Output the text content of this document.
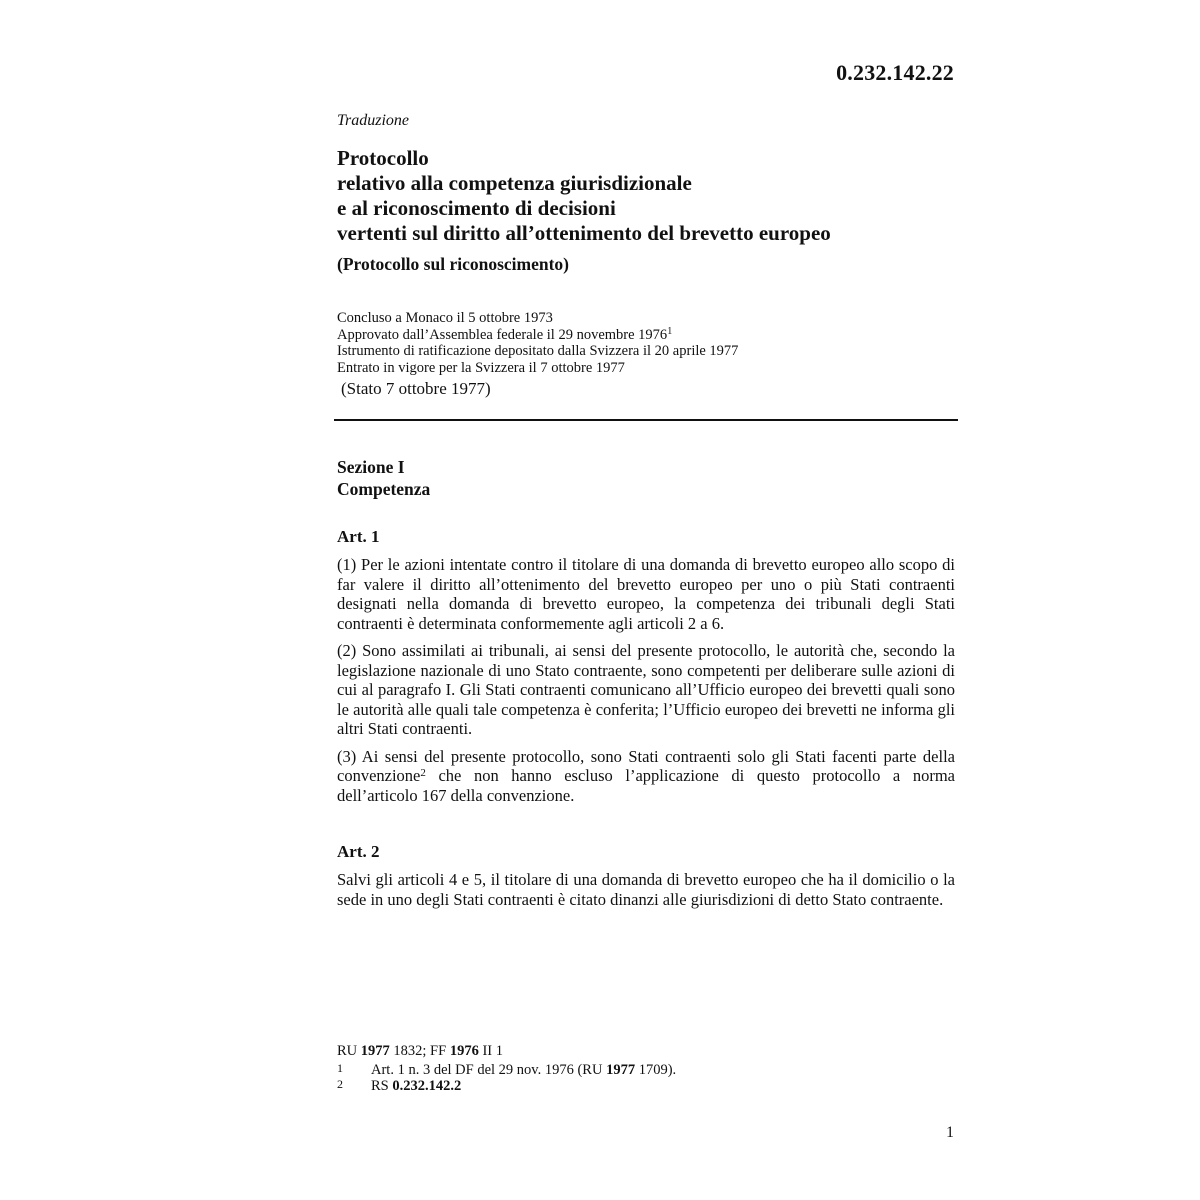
0.232.142.22
Traduzione
Protocollo
relativo alla competenza giurisdizionale
e al riconoscimento di decisioni
vertenti sul diritto all’ottenimento del brevetto europeo
(Protocollo sul riconoscimento)
Concluso a Monaco il 5 ottobre 1973
Approvato dall’Assemblea federale il 29 novembre 1976$^1$
Istrumento di ratificazione depositato dalla Svizzera il 20 aprile 1977
Entrato in vigore per la Svizzera il 7 ottobre 1977
(Stato 7 ottobre 1977)
Sezione I
Competenza
Art. 1

(1) Per le azioni intentate contro il titolare di una domanda di brevetto europeo allo scopo di far valere il diritto all’ottenimento del brevetto europeo per uno o più Stati contraenti designati nella domanda di brevetto europeo, la competenza dei tribunali degli Stati contraenti è determinata conformemente agli articoli 2 a 6.

(2) Sono assimilati ai tribunali, ai sensi del presente protocollo, le autorità che, secondo la legislazione nazionale di uno Stato contraente, sono competenti per deliberare sulle azioni di cui al paragrafo I. Gli Stati contraenti comunicano all’Ufficio europeo dei brevetti quali sono le autorità alle quali tale competenza è conferita; l’Ufficio europeo dei brevetti ne informa gli altri Stati contraenti.

(3) Ai sensi del presente protocollo, sono Stati contraenti solo gli Stati facenti parte della convenzione$^2$ che non hanno escluso l’applicazione di questo protocollo a norma dell’articolo 167 della convenzione.

Art. 2

Salvi gli articoli 4 e 5, il titolare di una domanda di brevetto europeo che ha il domicilio o la sede in uno degli Stati contraenti è citato dinanzi alle giurisdizioni di detto Stato contraente.

RU 1977 1832; FF 1976 II 1
1	Art. 1 n. 3 del DF del 29 nov. 1976 (RU 1977 1709).
2	RS 0.232.142.2
1
